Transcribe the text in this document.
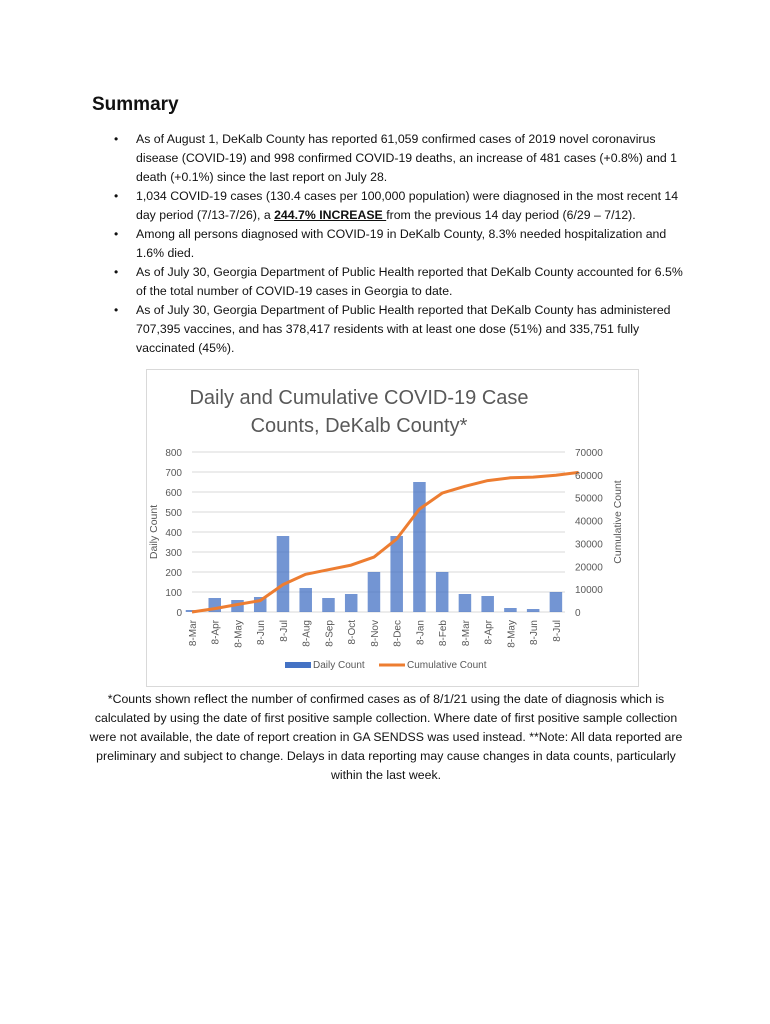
Summary
• As of August 1, DeKalb County has reported 61,059 confirmed cases of 2019 novel coronavirus disease (COVID-19) and 998 confirmed COVID-19 deaths, an increase of 481 cases (+0.8%) and 1 death (+0.1%) since the last report on July 28.
• 1,034 COVID-19 cases (130.4 cases per 100,000 population) were diagnosed in the most recent 14 day period (7/13-7/26), a 244.7% INCREASE from the previous 14 day period (6/29 – 7/12).
• Among all persons diagnosed with COVID-19 in DeKalb County, 8.3% needed hospitalization and 1.6% died.
• As of July 30, Georgia Department of Public Health reported that DeKalb County accounted for 6.5% of the total number of COVID-19 cases in Georgia to date.
• As of July 30, Georgia Department of Public Health reported that DeKalb County has administered 707,395 vaccines, and has 378,417 residents with at least one dose (51%) and 335,751 fully vaccinated (45%).
Daily and Cumulative COVID-19 Case
Counts, DeKalb County*
0
100
200
300
400
500
600
700
800
0
10000
20000
30000
40000
50000
60000
70000
Daily Count	Cumulative Count
8-Mar 8-Apr 8-May 8-Jun 8-Jul 8-Aug 8-Sep 8-Oct 8-Nov 8-Dec 8-Jan 8-Feb 8-Mar 8-Apr 8-May 8-Jun 8-Jul
Daily Count	Cumulative Count

*Counts shown reflect the number of confirmed cases as of 8/1/21 using the date of diagnosis which is calculated by using the date of first positive sample collection. Where date of first positive sample collection were not available, the date of report creation in GA SENDSS was used instead. **Note: All data reported are preliminary and subject to change. Delays in data reporting may cause changes in data counts, particularly within the last week.
